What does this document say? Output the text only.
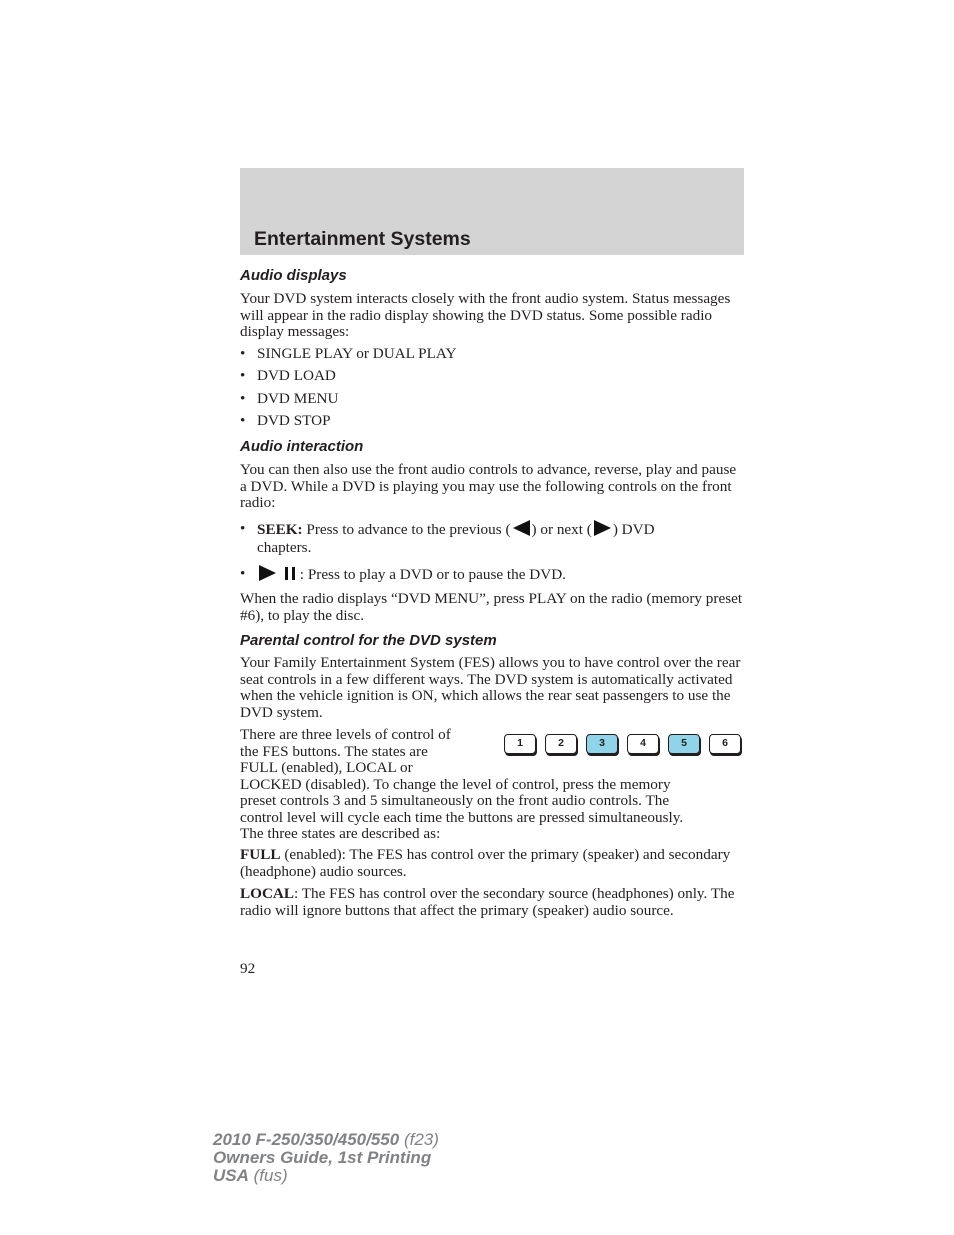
Entertainment Systems
Audio displays

Your DVD system interacts closely with the front audio system. Status messages will appear in the radio display showing the DVD status. Some possible radio display messages:

• SINGLE PLAY or DUAL PLAY
• DVD LOAD
• DVD MENU
• DVD STOP
Audio interaction

You can then also use the front audio controls to advance, reverse, play and pause a DVD. While a DVD is playing you may use the following controls on the front radio:

• SEEK: Press to advance to the previous ( ) or next ( ) DVD
chapters.
•	: Press to play a DVD or to pause the DVD.

When the radio displays “DVD MENU”, press PLAY on the radio (memory preset #6), to play the disc.

Parental control for the DVD system

Your Family Entertainment System (FES) allows you to have control over the rear seat controls in a few different ways. The DVD system is automatically activated when the vehicle ignition is ON, which allows the rear seat passengers to use the DVD system.

There are three levels of control of
the FES buttons. The states are
FULL (enabled), LOCAL or
LOCKED (disabled). To change the level of control, press the memory
preset controls 3 and 5 simultaneously on the front audio controls. The
control level will cycle each time the buttons are pressed simultaneously.
The three states are described as:
1	2	3	4	5	6

FULL (enabled): The FES has control over the primary (speaker) and secondary (headphone) audio sources.

LOCAL: The FES has control over the secondary source (headphones) only. The radio will ignore buttons that affect the primary (speaker) audio source.

92
2010 F-250/350/450/550 (f23)
Owners Guide, 1st Printing
USA (fus)
